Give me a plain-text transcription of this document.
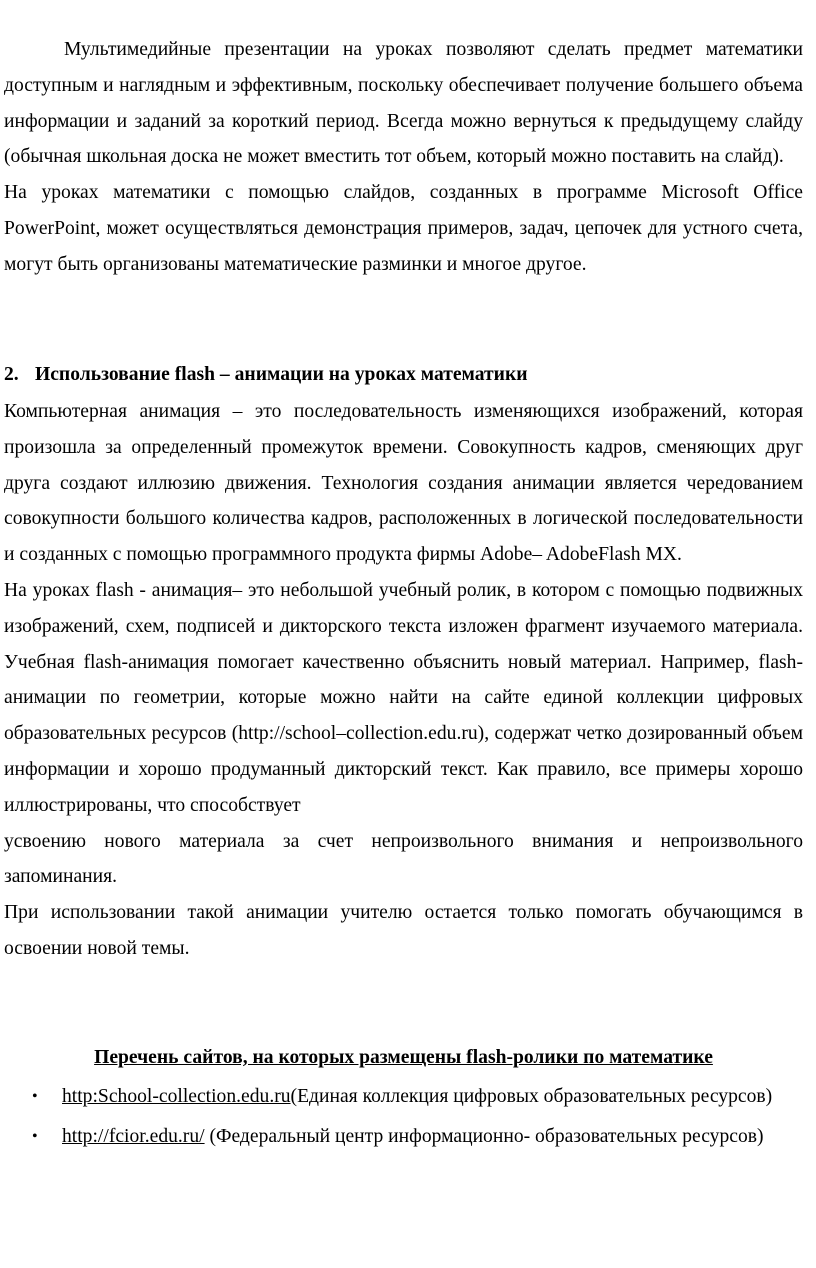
Мультимедийные презентации на уроках позволяют сделать предмет математики доступным и наглядным и эффективным, поскольку обеспечивает получение большего объема информации и заданий за короткий период. Всегда можно вернуться к предыдущему слайду (обычная школьная доска не может вместить тот объем, который можно поставить на слайд).

На уроках математики с помощью слайдов, созданных в программе Microsoft Office PowerPoint, может осуществляться демонстрация примеров, задач, цепочек для устного счета, могут быть организованы математические разминки и многое другое.

2. Использование flash – анимации на уроках математики

Компьютерная анимация – это последовательность изменяющихся изображений, которая произошла за определенный промежуток времени. Совокупность кадров, сменяющих друг друга создают иллюзию движения. Технология создания анимации является чередованием совокупности большого количества кадров, расположенных в логической последовательности и созданных с помощью программного продукта фирмы Adobe– AdobeFlash MX.

На уроках flash - анимация– это небольшой учебный ролик, в котором с помощью подвижных изображений, схем, подписей и дикторского текста изложен фрагмент изучаемого материала. Учебная flash-анимация помогает качественно объяснить новый материал. Например, flash-анимации по геометрии, которые можно найти на сайте единой коллекции цифровых образовательных ресурсов (http://school–collection.edu.ru), содержат четко дозированный объем информации и хорошо продуманный дикторский текст. Как правило, все примеры хорошо иллюстрированы, что способствует

усвоению нового материала за счет непроизвольного внимания и непроизвольного запоминания.

При использовании такой анимации учителю остается только помогать обучающимся в освоении новой темы.

Перечень сайтов, на которых размещены flash-ролики по математике

• http:School-collection.edu.ru(Единая коллекция цифровых образовательных ресурсов)
• http://fcior.edu.ru/ (Федеральный центр информационно- образовательных ресурсов)
